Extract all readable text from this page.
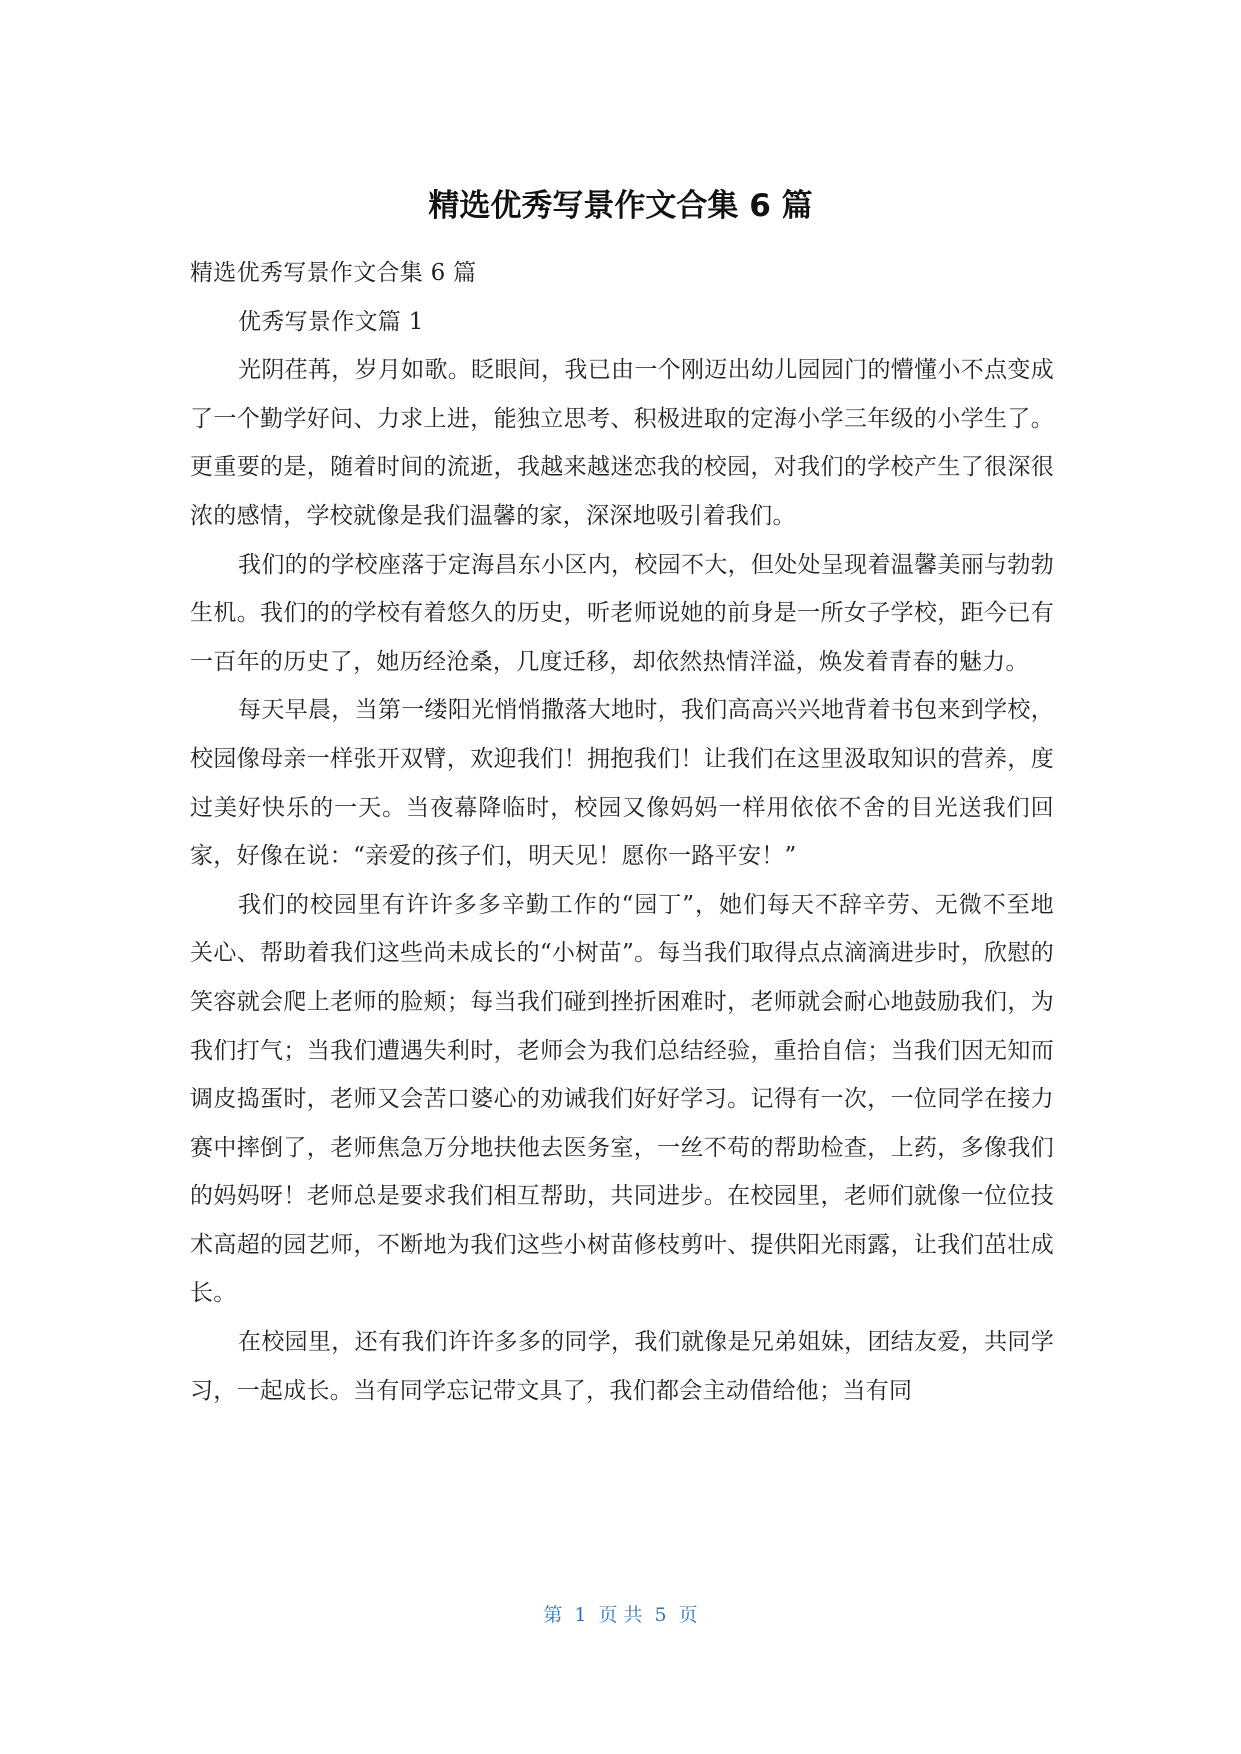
精选优秀写景作文合集 6 篇

精选优秀写景作文合集 6 篇

优秀写景作文篇 1

光阴荏苒，岁月如歌。眨眼间，我已由一个刚迈出幼儿园园门的懵懂小不点变成了一个勤学好问、力求上进，能独立思考、积极进取的定海小学三年级的小学生了。更重要的是，随着时间的流逝，我越来越迷恋我的校园，对我们的学校产生了很深很浓的感情，学校就像是我们温馨的家，深深地吸引着我们。

我们的的学校座落于定海昌东小区内，校园不大，但处处呈现着温馨美丽与勃勃生机。我们的的学校有着悠久的历史，听老师说她的前身是一所女子学校，距今已有一百年的历史了，她历经沧桑，几度迁移，却依然热情洋溢，焕发着青春的魅力。

每天早晨，当第一缕阳光悄悄撒落大地时，我们高高兴兴地背着书包来到学校，校园像母亲一样张开双臂，欢迎我们！拥抱我们！让我们在这里汲取知识的营养，度过美好快乐的一天。当夜幕降临时，校园又像妈妈一样用依依不舍的目光送我们回家，好像在说：“亲爱的孩子们，明天见！愿你一路平安！”

我们的校园里有许许多多辛勤工作的“园丁”，她们每天不辞辛劳、无微不至地关心、帮助着我们这些尚未成长的“小树苗”。每当我们取得点点滴滴进步时，欣慰的笑容就会爬上老师的脸颊；每当我们碰到挫折困难时，老师就会耐心地鼓励我们，为我们打气；当我们遭遇失利时，老师会为我们总结经验，重拾自信；当我们因无知而调皮捣蛋时，老师又会苦口婆心的劝诫我们好好学习。记得有一次，一位同学在接力赛中摔倒了，老师焦急万分地扶他去医务室，一丝不苟的帮助检查，上药，多像我们的妈妈呀！老师总是要求我们相互帮助，共同进步。在校园里，老师们就像一位位技术高超的园艺师，不断地为我们这些小树苗修枝剪叶、提供阳光雨露，让我们茁壮成长。

在校园里，还有我们许许多多的同学，我们就像是兄弟姐妹，团结友爱，共同学习，一起成长。当有同学忘记带文具了，我们都会主动借给他；当有同

第 1 页 共 5 页
